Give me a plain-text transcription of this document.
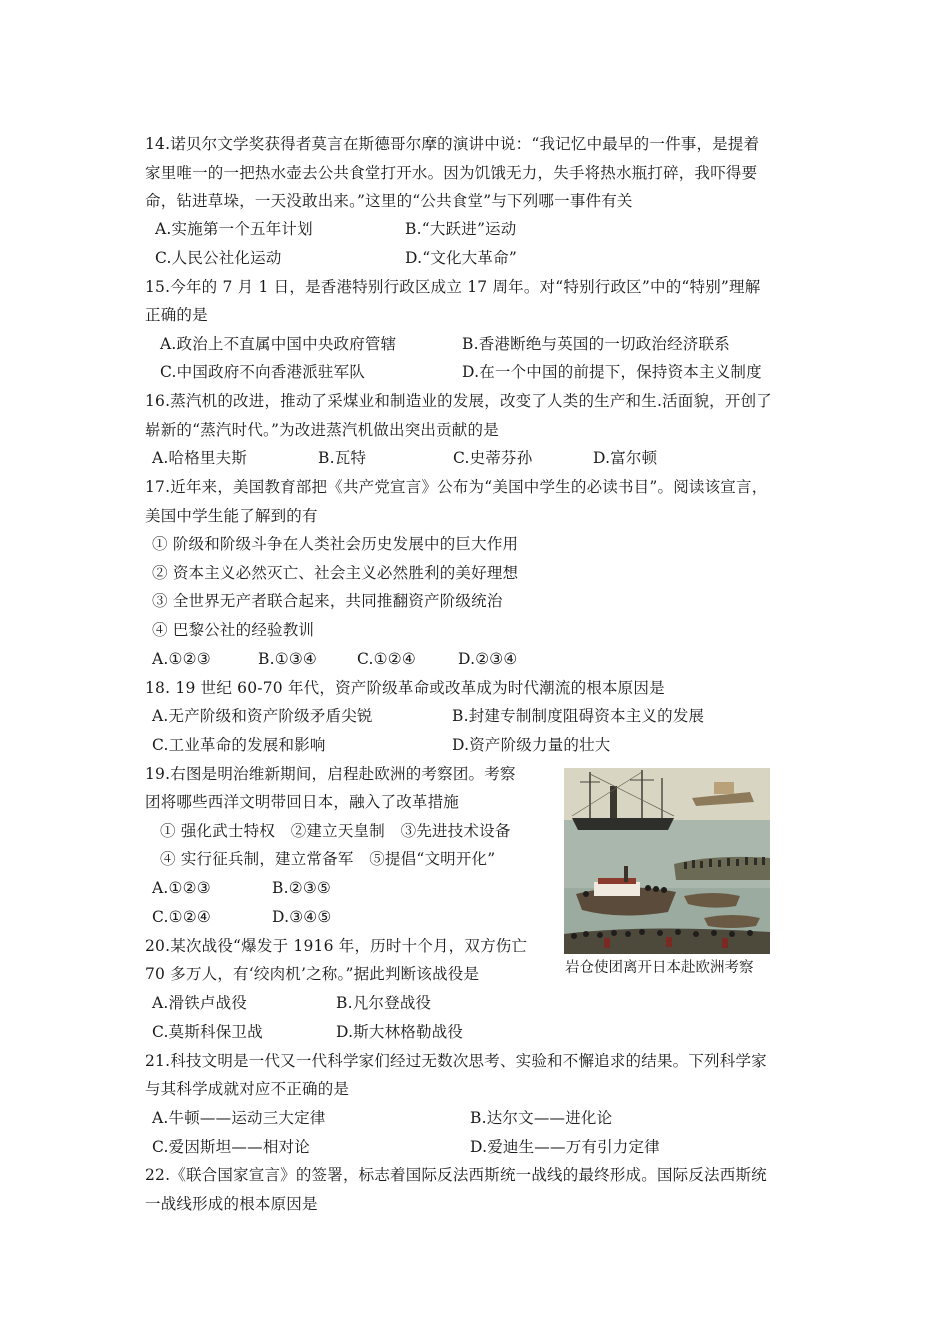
14.诺贝尔文学奖获得者莫言在斯德哥尔摩的演讲中说：“我记忆中最早的一件事，是提着
家里唯一的一把热水壶去公共食堂打开水。因为饥饿无力，失手将热水瓶打碎，我吓得要
命，钻进草垛，一天没敢出来。”这里的“公共食堂”与下列哪一事件有关
A.实施第一个五年计划	B.“大跃进”运动
C.人民公社化运动	D.“文化大革命”
15.今年的 7 月 1 日，是香港特别行政区成立 17 周年。对“特别行政区”中的“特别”理解
正确的是
A.政治上不直属中国中央政府管辖	B.香港断绝与英国的一切政治经济联系
C.中国政府不向香港派驻军队	D.在一个中国的前提下，保持资本主义制度
16.蒸汽机的改进，推动了采煤业和制造业的发展，改变了人类的生产和生.活面貌，开创了
崭新的“蒸汽时代。”为改进蒸汽机做出突出贡献的是
A.哈格里夫斯	B.瓦特	C.史蒂芬孙	D.富尔顿
17.近年来，美国教育部把《共产党宣言》公布为“美国中学生的必读书目”。阅读该宣言，
美国中学生能了解到的有
① 阶级和阶级斗争在人类社会历史发展中的巨大作用
② 资本主义必然灭亡、社会主义必然胜利的美好理想
③ 全世界无产者联合起来，共同推翻资产阶级统治
④ 巴黎公社的经验教训
A.①②③	B.①③④	C.①②④	D.②③④
18. 19 世纪 60-70 年代，资产阶级革命或改革成为时代潮流的根本原因是
A.无产阶级和资产阶级矛盾尖锐	B.封建专制制度阻碍资本主义的发展
C.工业革命的发展和影响	D.资产阶级力量的壮大
19.右图是明治维新期间，启程赴欧洲的考察团。考察
团将哪些西洋文明带回日本，融入了改革措施
① 强化武士特权　②建立天皇制　③先进技术设备
④ 实行征兵制，建立常备军　⑤提倡“文明开化”
A.①②③	B.②③⑤
C.①②④	D.③④⑤
岩仓使团离开日本赴欧洲考察
20.某次战役“爆发于 1916 年，历时十个月，双方伤亡
70 多万人，有‘绞肉机’之称。”据此判断该战役是
A.滑铁卢战役	B.凡尔登战役
C.莫斯科保卫战	D.斯大林格勒战役
21.科技文明是一代又一代科学家们经过无数次思考、实验和不懈追求的结果。下列科学家
与其科学成就对应不正确的是
A.牛顿——运动三大定律	B.达尔文——进化论
C.爱因斯坦——相对论	D.爱迪生——万有引力定律
22.《联合国家宣言》的签署，标志着国际反法西斯统一战线的最终形成。国际反法西斯统
一战线形成的根本原因是
